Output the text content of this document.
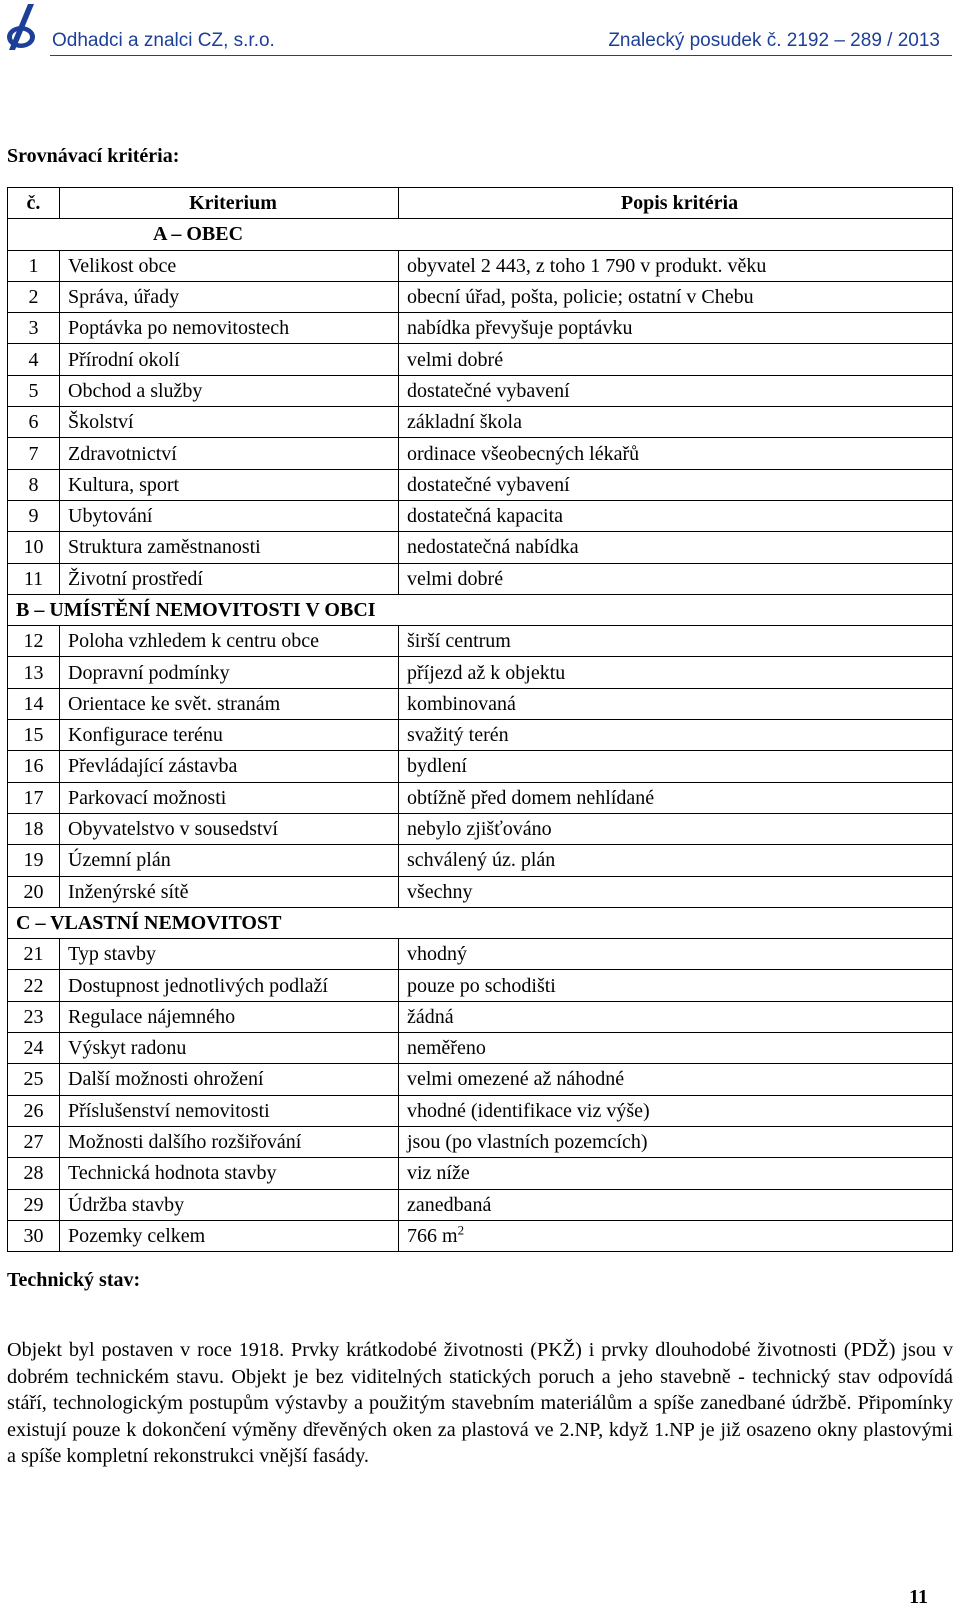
Odhadci a znalci CZ, s.r.o.	Znalecký posudek č. 2192 – 289 / 2013
Srovnávací kritéria:
č.	Kriterium	Popis kritéria
A – OBEC		
1	Velikost obce	obyvatel 2 443, z toho 1 790 v produkt. věku
2	Správa, úřady	obecní úřad, pošta, policie; ostatní v Chebu
3	Poptávka po nemovitostech	nabídka převyšuje poptávku
4	Přírodní okolí	velmi dobré
5	Obchod a služby	dostatečné vybavení
6	Školství	základní škola
7	Zdravotnictví	ordinace všeobecných lékařů
8	Kultura, sport	dostatečné vybavení
9	Ubytování	dostatečná kapacita
10	Struktura zaměstnanosti	nedostatečná nabídka
11	Životní prostředí	velmi dobré
B – UMÍSTĚNÍ NEMOVITOSTI V OBCI		
12	Poloha vzhledem k centru obce	širší centrum
13	Dopravní podmínky	příjezd až k objektu
14	Orientace ke svět. stranám	kombinovaná
15	Konfigurace terénu	svažitý terén
16	Převládající zástavba	bydlení
17	Parkovací možnosti	obtížně před domem nehlídané
18	Obyvatelstvo v sousedství	nebylo zjišťováno
19	Územní plán	schválený úz. plán
20	Inženýrské sítě	všechny
C – VLASTNÍ NEMOVITOST		
21	Typ stavby	vhodný
22	Dostupnost jednotlivých podlaží	pouze po schodišti
23	Regulace nájemného	žádná
24	Výskyt radonu	neměřeno
25	Další možnosti ohrožení	velmi omezené až náhodné
26	Příslušenství nemovitosti	vhodné (identifikace viz výše)
27	Možnosti dalšího rozšiřování	jsou (po vlastních pozemcích)
28	Technická hodnota stavby	viz níže
29	Údržba stavby	zanedbaná
30	Pozemky celkem	766 $m^2$
Technický stav:
Objekt byl postaven v roce 1918. Prvky krátkodobé životnosti (PKŽ) i prvky dlouhodobé životnosti (PDŽ) jsou v dobrém technickém stavu. Objekt je bez viditelných statických poruch a jeho stavebně - technický stav odpovídá stáří, technologickým postupům výstavby a použitým stavebním materiálům a spíše zanedbané údržbě. Připomínky existují pouze k dokončení výměny dřevěných oken za plastová ve 2.NP, když 1.NP je již osazeno okny plastovými a spíše kompletní rekonstrukci vnější fasády.
11
